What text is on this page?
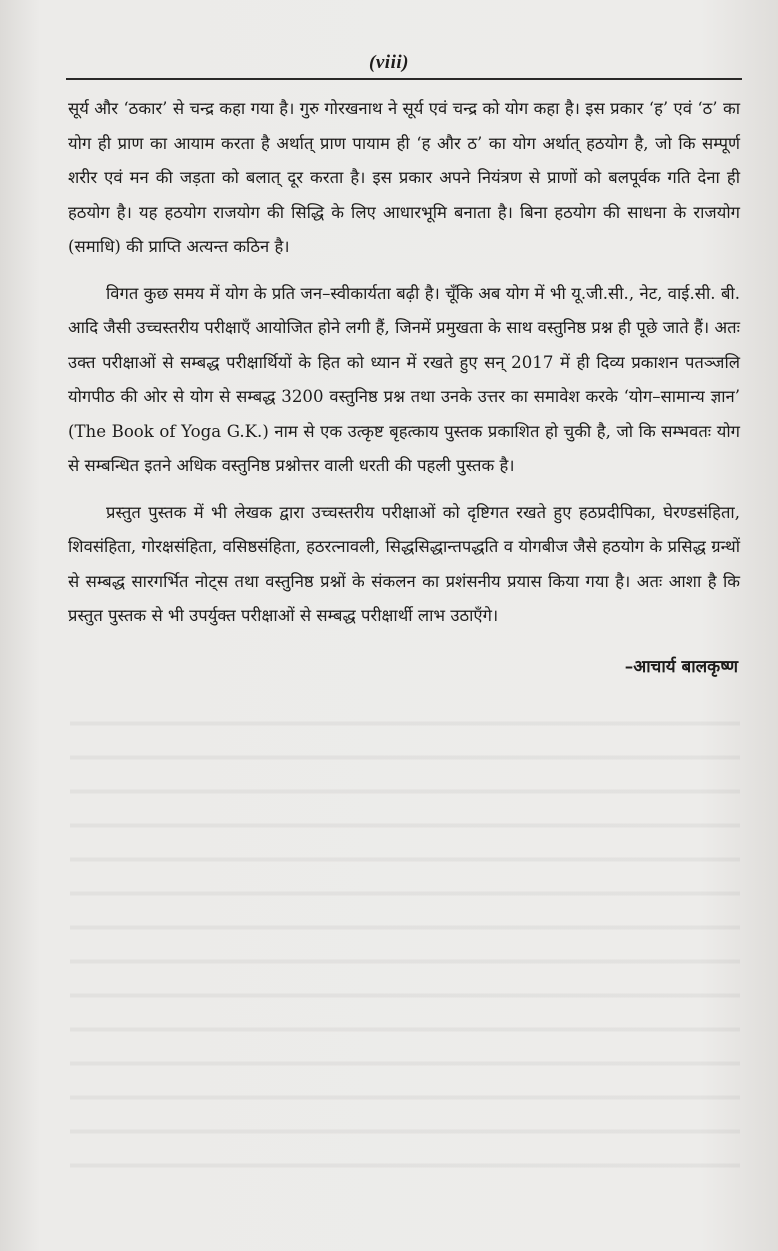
(viii)

सूर्य और ‘ठकार’ से चन्द्र कहा गया है। गुरु गोरखनाथ ने सूर्य एवं चन्द्र को योग कहा है। इस प्रकार ‘ह’ एवं ‘ठ’ का योग ही प्राण का आयाम करता है अर्थात् प्राण पायाम ही ‘ह और ठ’ का योग अर्थात् हठयोग है, जो कि सम्पूर्ण शरीर एवं मन की जड़ता को बलात् दूर करता है। इस प्रकार अपने नियंत्रण से प्राणों को बलपूर्वक गति देना ही हठयोग है। यह हठयोग राजयोग की सिद्धि के लिए आधारभूमि बनाता है। बिना हठयोग की साधना के राजयोग (समाधि) की प्राप्ति अत्यन्त कठिन है।

विगत कुछ समय में योग के प्रति जन–स्वीकार्यता बढ़ी है। चूँकि अब योग में भी यू.जी.सी., नेट, वाई.सी. बी. आदि जैसी उच्चस्तरीय परीक्षाएँ आयोजित होने लगी हैं, जिनमें प्रमुखता के साथ वस्तुनिष्ठ प्रश्न ही पूछे जाते हैं। अतः उक्त परीक्षाओं से सम्बद्ध परीक्षार्थियों के हित को ध्यान में रखते हुए सन् 2017 में ही दिव्य प्रकाशन पतञ्जलि योगपीठ की ओर से योग से सम्बद्ध 3200 वस्तुनिष्ठ प्रश्न तथा उनके उत्तर का समावेश करके ‘योग–सामान्य ज्ञान’ (The Book of Yoga G.K.) नाम से एक उत्कृष्ट बृहत्काय पुस्तक प्रकाशित हो चुकी है, जो कि सम्भवतः योग से सम्बन्धित इतने अधिक वस्तुनिष्ठ प्रश्नोत्तर वाली धरती की पहली पुस्तक है।

प्रस्तुत पुस्तक में भी लेखक द्वारा उच्चस्तरीय परीक्षाओं को दृष्टिगत रखते हुए हठप्रदीपिका, घेरण्डसंहिता, शिवसंहिता, गोरक्षसंहिता, वसिष्ठसंहिता, हठरत्नावली, सिद्धसिद्धान्तपद्धति व योगबीज जैसे हठयोग के प्रसिद्ध ग्रन्थों से सम्बद्ध सारगर्भित नोट्स तथा वस्तुनिष्ठ प्रश्नों के संकलन का प्रशंसनीय प्रयास किया गया है। अतः आशा है कि प्रस्तुत पुस्तक से भी उपर्युक्त परीक्षाओं से सम्बद्ध परीक्षार्थी लाभ उठाएँगे।

–आचार्य बालकृष्ण
